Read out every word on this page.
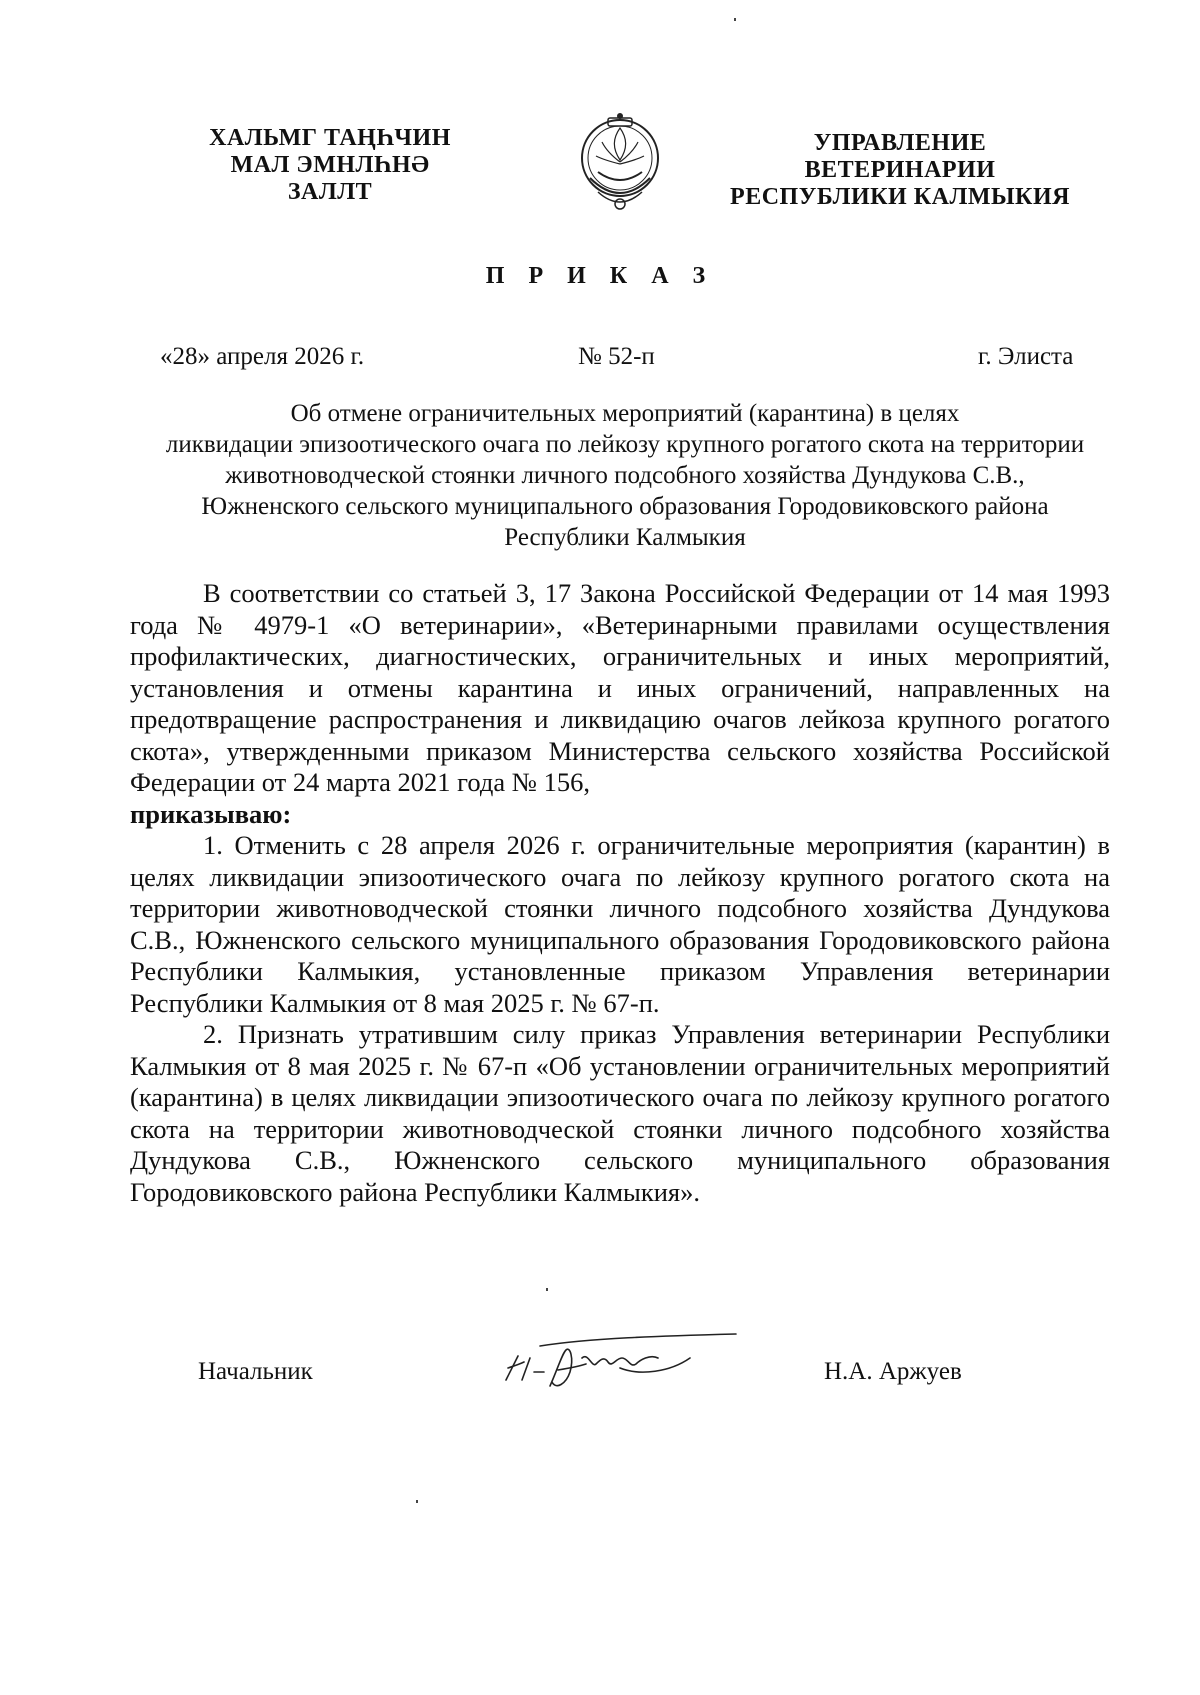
ХАЛЬМГ ТАҢҺЧИН
МАЛ ЭМНЛҺНӘ
ЗАЛЛТ
УПРАВЛЕНИЕ
ВЕТЕРИНАРИИ
РЕСПУБЛИКИ КАЛМЫКИЯ
П Р И К А З
«28» апреля 2026 г.	№ 52-п	г. Элиста
Об отмене ограничительных мероприятий (карантина) в целях
ликвидации эпизоотического очага по лейкозу крупного рогатого скота на территории
животноводческой стоянки личного подсобного хозяйства Дундукова С.В.,
Южненского сельского муниципального образования Городовиковского района
Республики Калмыкия

В соответствии со статьей 3, 17 Закона Российской Федерации от 14 мая 1993 года № 4979-1 «О ветеринарии», «Ветеринарными правилами осуществления профилактических, диагностических, ограничительных и иных мероприятий, установления и отмены карантина и иных ограничений, направленных на предотвращение распространения и ликвидацию очагов лейкоза крупного рогатого скота», утвержденными приказом Министерства сельского хозяйства Российской Федерации от 24 марта 2021 года № 156,

приказываю:

1. Отменить с 28 апреля 2026 г. ограничительные мероприятия (карантин) в целях ликвидации эпизоотического очага по лейкозу крупного рогатого скота на территории животноводческой стоянки личного подсобного хозяйства Дундукова С.В., Южненского сельского муниципального образования Городовиковского района Республики Калмыкия, установленные приказом Управления ветеринарии Республики Калмыкия от 8 мая 2025 г. № 67-п.

2. Признать утратившим силу приказ Управления ветеринарии Республики Калмыкия от 8 мая 2025 г. № 67-п «Об установлении ограничительных мероприятий (карантина) в целях ликвидации эпизоотического очага по лейкозу крупного рогатого скота на территории животноводческой стоянки личного подсобного хозяйства Дундукова С.В., Южненского сельского муниципального образования Городовиковского района Республики Калмыкия».

Начальник	Н.А. Аржуев
